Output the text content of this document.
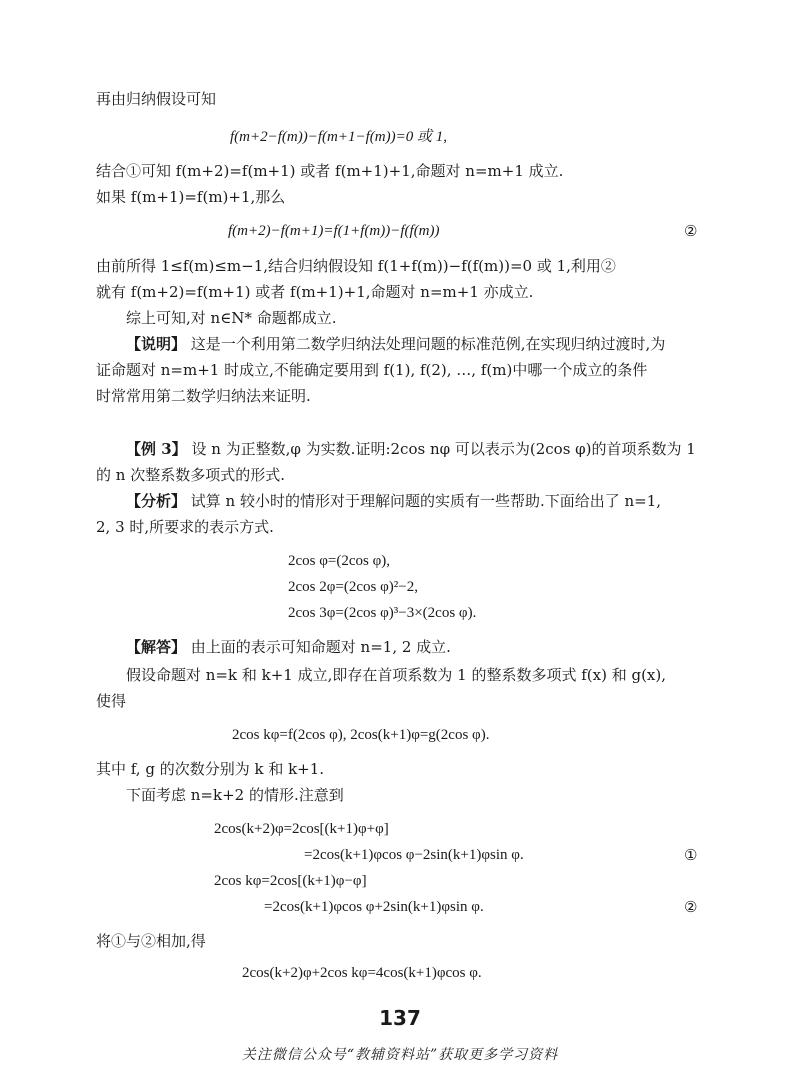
再由归纳假设可知
f(m+2−f(m))−f(m+1−f(m))=0 或 1,
结合①可知 f(m+2)=f(m+1) 或者 f(m+1)+1,命题对 n=m+1 成立.
如果 f(m+1)=f(m)+1,那么
f(m+2)−f(m+1)=f(1+f(m))−f(f(m))	②
由前所得 1≤f(m)≤m−1,结合归纳假设知 f(1+f(m))−f(f(m))=0 或 1,利用②
就有 f(m+2)=f(m+1) 或者 f(m+1)+1,命题对 n=m+1 亦成立.
综上可知,对 n∈N* 命题都成立.
【说明】 这是一个利用第二数学归纳法处理问题的标准范例,在实现归纳过渡时,为
证命题对 n=m+1 时成立,不能确定要用到 f(1), f(2), …, f(m)中哪一个成立的条件
时常常用第二数学归纳法来证明.
【例 3】 设 n 为正整数,φ 为实数.证明:2cos nφ 可以表示为(2cos φ)的首项系数为 1
的 n 次整系数多项式的形式.
【分析】 试算 n 较小时的情形对于理解问题的实质有一些帮助.下面给出了 n=1,
2, 3 时,所要求的表示方式.
2cos φ=(2cos φ),
2cos 2φ=(2cos φ)²−2,
2cos 3φ=(2cos φ)³−3×(2cos φ).
【解答】 由上面的表示可知命题对 n=1, 2 成立.
假设命题对 n=k 和 k+1 成立,即存在首项系数为 1 的整系数多项式 f(x) 和 g(x),
使得
2cos kφ=f(2cos φ), 2cos(k+1)φ=g(2cos φ).
其中 f, g 的次数分别为 k 和 k+1.
下面考虑 n=k+2 的情形.注意到
2cos(k+2)φ=2cos[(k+1)φ+φ]
=2cos(k+1)φcos φ−2sin(k+1)φsin φ.	①
2cos kφ=2cos[(k+1)φ−φ]
=2cos(k+1)φcos φ+2sin(k+1)φsin φ.	②
将①与②相加,得
2cos(k+2)φ+2cos kφ=4cos(k+1)φcos φ.
137
关注微信公众号“教辅资料站”获取更多学习资料
